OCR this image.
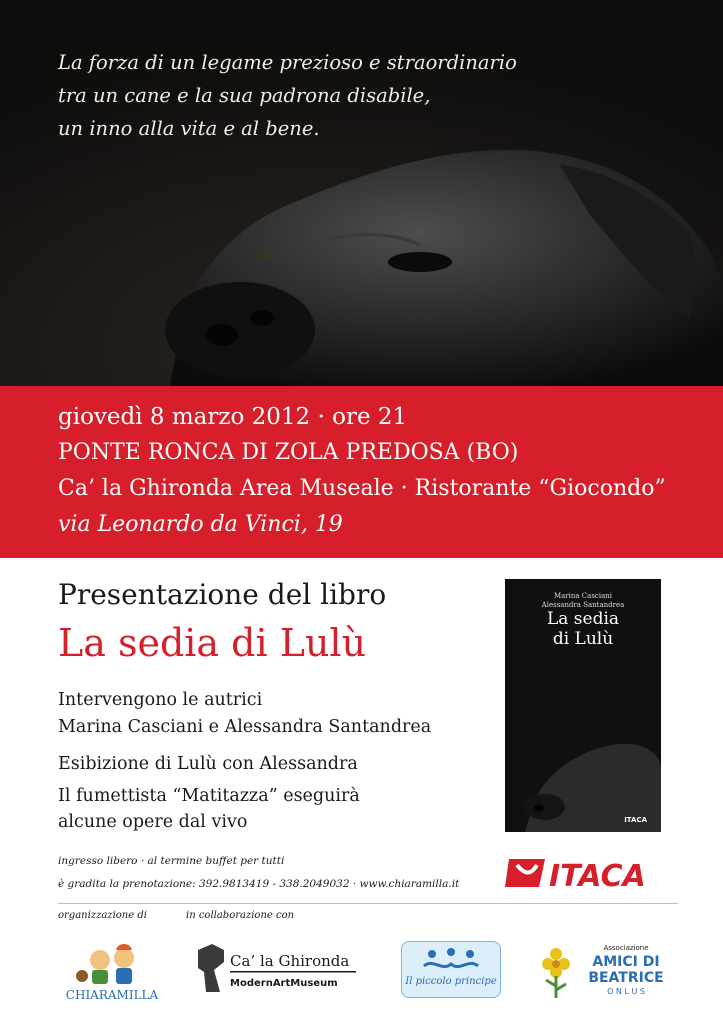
La forza di un legame prezioso e straordinario
tra un cane e la sua padrona disabile,
un inno alla vita e al bene.

giovedì 8 marzo 2012 · ore 21
PONTE RONCA DI ZOLA PREDOSA (BO)
Ca’ la Ghironda Area Museale · Ristorante “Giocondo”
via Leonardo da Vinci, 19
Presentazione del libro
La sedia di Lulù
Intervengono le autrici
Marina Casciani e Alessandra Santandrea
Esibizione di Lulù con Alessandra
Il fumettista “Matitazza” eseguirà
alcune opere dal vivo
Marina Casciani
Alessandra Santandrea
La sedia
di Lulù
ITACA
ITACA
ingresso libero · al termine buffet per tutti
è gradita la prenotazione: 392.9813419 - 338.2049032 · www.chiaramilla.it
organizzazione di	in collaborazione con
CHIARAMILLA
Ca’ la Ghironda
ModernArtMuseum	Il piccolo principe
Associazione
AMICI DI
BEATRICE
O N L U S
